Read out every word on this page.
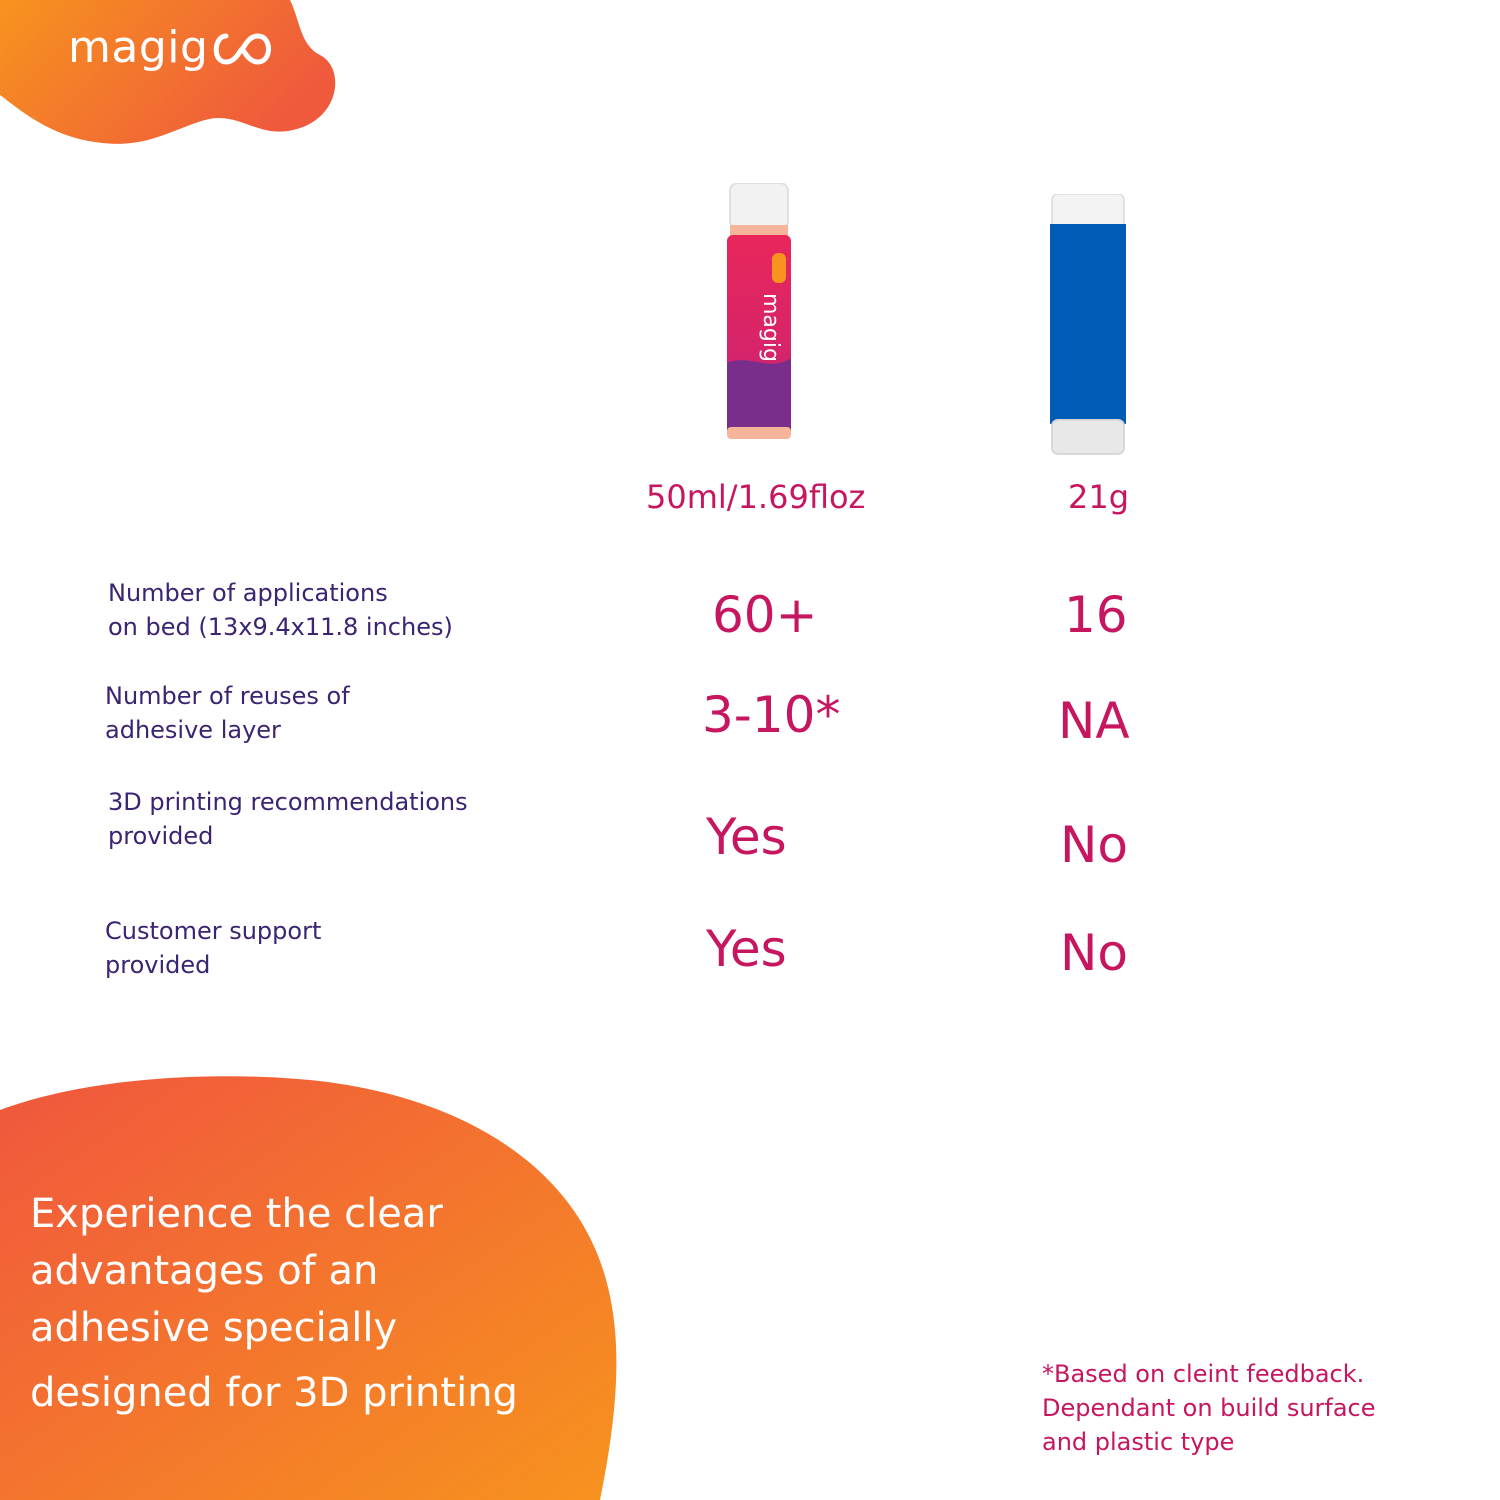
magig
magig
50ml/1.69floz	21g
Number of applications
on bed (13x9.4x11.8 inches)	60+	16
Number of reuses of
adhesive layer	3-10*	NA
3D printing recommendations
provided	Yes	No
Customer support
provided	Yes	No
Experience the clear
advantages of an
adhesive specially
designed for 3D printing	*Based on cleint feedback.
Dependant on build surface
and plastic type
